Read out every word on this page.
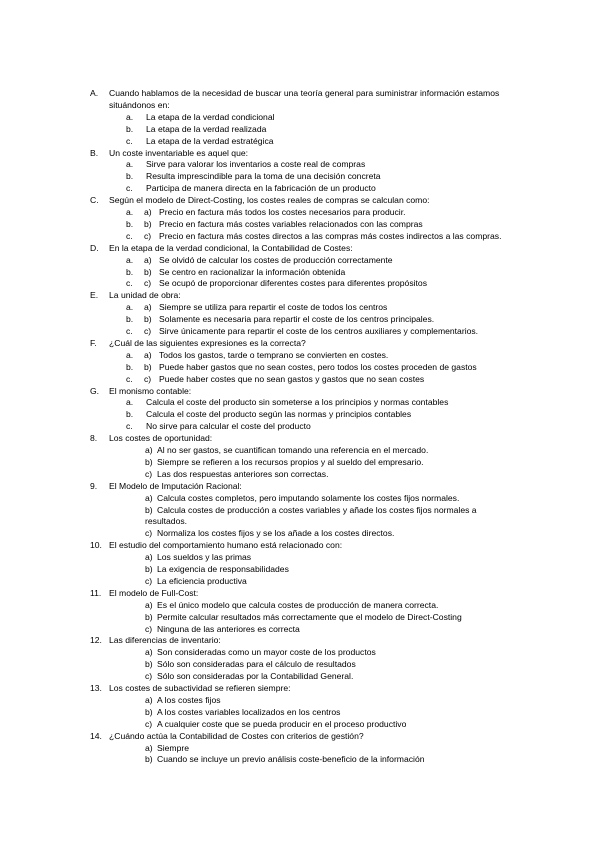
A. Cuando hablamos de la necesidad de buscar una teoría general para suministrar información estamos
situándonos en:
a. La etapa de la verdad condicional
b. La etapa de la verdad realizada
c. La etapa de la verdad estratégica
B. Un coste inventariable es aquel que:
a. Sirve para valorar los inventarios a coste real de compras
b. Resulta imprescindible para la toma de una decisión concreta
c. Participa de manera directa en la fabricación de un producto
C. Según el modelo de Direct-Costing, los costes reales de compras se calculan como:
a. a) Precio en factura más todos los costes necesarios para producir.
b. b) Precio en factura más costes variables relacionados con las compras
c. c) Precio en factura más costes directos a las compras más costes indirectos a las compras.
D. En la etapa de la verdad condicional, la Contabilidad de Costes:
a. a) Se olvidó de calcular los costes de producción correctamente
b. b) Se centro en racionalizar la información obtenida
c. c) Se ocupó de proporcionar diferentes costes para diferentes propósitos
E. La unidad de obra:
a. a) Siempre se utiliza para repartir el coste de todos los centros
b. b) Solamente es necesaria para repartir el coste de los centros principales.
c. c) Sirve únicamente para repartir el coste de los centros auxiliares y complementarios.
F. ¿Cuál de las siguientes expresiones es la correcta?
a. a) Todos los gastos, tarde o temprano se convierten en costes.
b. b) Puede haber gastos que no sean costes, pero todos los costes proceden de gastos
c. c) Puede haber costes que no sean gastos y gastos que no sean costes
G. El monismo contable:
a. Calcula el coste del producto sin someterse a los principios y normas contables
b. Calcula el coste del producto según las normas y principios contables
c. No sirve para calcular el coste del producto
8. Los costes de oportunidad:
a) Al no ser gastos, se cuantifican tomando una referencia en el mercado.
b) Siempre se refieren a los recursos propios y al sueldo del empresario.
c) Las dos respuestas anteriores son correctas.
9. El Modelo de Imputación Racional:
a) Calcula costes completos, pero imputando solamente los costes fijos normales.
b) Calcula costes de producción a costes variables y añade los costes fijos normales a
resultados.
c) Normaliza los costes fijos y se los añade a los costes directos.
10. El estudio del comportamiento humano está relacionado con:
a) Los sueldos y las primas
b) La exigencia de responsabilidades
c) La eficiencia productiva
11. El modelo de Full-Cost:
a) Es el único modelo que calcula costes de producción de manera correcta.
b) Permite calcular resultados más correctamente que el modelo de Direct-Costing
c) Ninguna de las anteriores es correcta
12. Las diferencias de inventario:
a) Son consideradas como un mayor coste de los productos
b) Sólo son consideradas para el cálculo de resultados
c) Sólo son consideradas por la Contabilidad General.
13. Los costes de subactividad se refieren siempre:
a) A los costes fijos
b) A los costes variables localizados en los centros
c) A cualquier coste que se pueda producir en el proceso productivo
14. ¿Cuándo actúa la Contabilidad de Costes con criterios de gestión?
a) Siempre
b) Cuando se incluye un previo análisis coste-beneficio de la información
